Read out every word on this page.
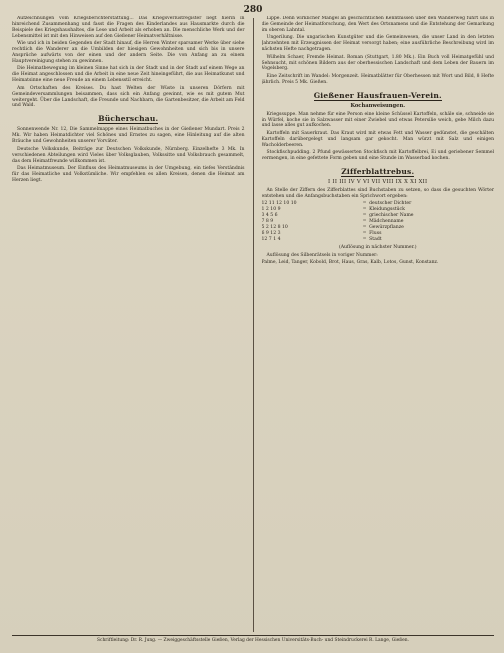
280

Aufzeichnungen vom Kriegsberichterstattung... Das Kriegsverlustregister liegt hierin in hinreichend Zusammenhang und fasst die Fragen des Kinderlandes aus Hausmarkte durch die Beispiele des Kriegshaushaltes, die Lese und Arbeit als erhoben an. Die menschliche Werk und der Lebensmittel ist mit den Hinweisen auf den Gießener Heimatverhältnisse.

Wie und ich in beiden Gegenden der Stadt hinauf, die Herren Winter sparsamer Werke über siehe rechtlich die Wanderer an die Umbilden der hiesigen Gewohnheiten und sich bis in unsere Ansprüche aufwärts von der einen und der andern Seite. Die von Anfang an zu einem Hauptvereinigung stehen zu gewinnen.

Die Heimatbewegung im kleinen Sinne hat sich in der Stadt und in der Stadt auf einem Wege an die Heimat angeschlossen und die Arbeit in eine neue Zeit hineingeführt, die aus Heimatkunst und Heimatsinne eine neue Freude an einem Lebensstil erreicht.

Am Ortschaften des Kreises. Du hast Welten der Wüste in unseren Dörfern mit Gemeindeversammlungen beisammen, dass sich ein Anfang gewinnt, wie es mit gutem Mut weitergeht. Über die Landschaft, die Freunde und Nachbarn, die Gartenbesitzer, die Arbeit am Feld und Wald.

Bücherschau.

Sonnenwende Nr. 12, Die Sammelmappe eines Heimatbuches in der Gießener Mundart. Preis 2 Mk. Wir haben Heimatdichter viel Schönes und Ernstes zu sagen, eine Hinleitung auf die alten Bräuche und Gewohnheiten unserer Vorväter.

Deutsche Volkskunde, Beiträge zur Deutschen Volkskunde, Nürnberg. Einzelhefte 3 Mk. In verschiedenen Abteilungen wird Vieles über Volksglauben, Volkssitte und Volksbrauch gesammelt, das dem Heimatfreunde willkommen ist.

Das Heimatmuseum. Der Einfluss des Heimatmuseums in der Umgebung, ein tiefes Verständnis für das Heimatliche und Volkstümliche. Wir empfehlen es allen Kreisen, denen die Heimat am Herzen liegt.

Lippe. Denn wirklicher Mangel an geschichtlichen Kenntnissen über den Wanderweg führt uns in die Gemeinde der Heimatforschung, den Wert des Ortsnamens und die Entstehung der Gemarkung im oberen Lahntal.

Ungerilung. Die ungarischen Kunstgüter und die Gemeinwesen, die unser Land in den letzten Jahrzehnten mit Erzeugnissen der Heimat versorgt haben; eine ausführliche Beschreibung wird im nächsten Hefte nachgetragen.

Wilhelm Schaer, Fremde Heimat. Roman (Stuttgart, 1.80 Mk.). Ein Buch voll Heimatgefühl und Sehnsucht, mit schönen Bildern aus der oberhessischen Landschaft und dem Leben der Bauern im Vogelsberg.

Eine Zeitschrift im Wandel: Morgenzeit. Heimatblätter für Oberhessen mit Wort und Bild, 8 Hefte jährlich. Preis 5 Mk. Gießen.

Gießener Hausfrauen-Verein.
Kochanweisungen.

Kriegssuppe. Man nehme für eine Person eine kleine Schüssel Kartoffeln, schäle sie, schneide sie in Würfel, koche sie in Salzwasser mit einer Zwiebel und etwas Petersilie weich, gebe Milch dazu und lasse alles gut aufkochen.

Kartoffeln mit Sauerkraut. Das Kraut wird mit etwas Fett und Wasser gedünstet, die geschälten Kartoffeln darübergelegt und langsam gar gekocht. Man würzt mit Salz und einigen Wacholderbeeren.

Stockfischpudding. 2 Pfund gewässerten Stockfisch mit Kartoffelbrei, Ei und geriebener Semmel vermengen, in eine gefettete Form geben und eine Stunde im Wasserbad kochen.

Zifferblattrebus.
I II III IV V VI VII VIII IX X XI XII

An Stelle der Ziffern des Zifferblattes sind Buchstaben zu setzen, so dass die gesuchten Wörter entstehen und die Anfangsbuchstaben ein Sprichwort ergeben:

12 11 12 10 10	=	deutscher Dichter
1 2 10 9	=	Kleidungsstück
3 4 5 6	=	griechischer Name
7 8 9	=	Mädchenname
5 2 12 8 10	=	Gewürzpflanze
6 9 12 3	=	Fluss
12 7 1 4	=	Stadt
(Auflösung in nächster Nummer.)

Auflösung des Silbenrätsels in voriger Nummer:

Palme, Leid, Tanger, Kobold, Brot, Haus, Gras, Kalb, Lotos, Gunst, Konstanz.

Schriftleitung: Dr. R. Jung. — Zweiggeschäftsstelle Gießen, Verlag der Hessischen Universitäts-Buch- und Steindruckerei R. Lange, Gießen.
